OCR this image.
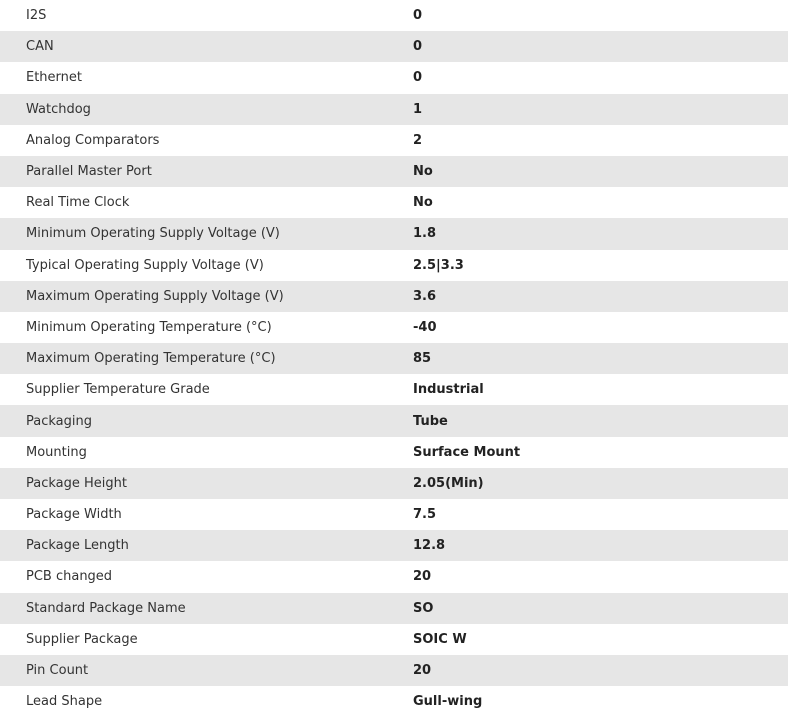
I2S	0
CAN	0
Ethernet	0
Watchdog	1
Analog Comparators	2
Parallel Master Port	No
Real Time Clock	No
Minimum Operating Supply Voltage (V)	1.8
Typical Operating Supply Voltage (V)	2.5|3.3
Maximum Operating Supply Voltage (V)	3.6
Minimum Operating Temperature (°C)	-40
Maximum Operating Temperature (°C)	85
Supplier Temperature Grade	Industrial
Packaging	Tube
Mounting	Surface Mount
Package Height	2.05(Min)
Package Width	7.5
Package Length	12.8
PCB changed	20
Standard Package Name	SO
Supplier Package	SOIC W
Pin Count	20
Lead Shape	Gull-wing
